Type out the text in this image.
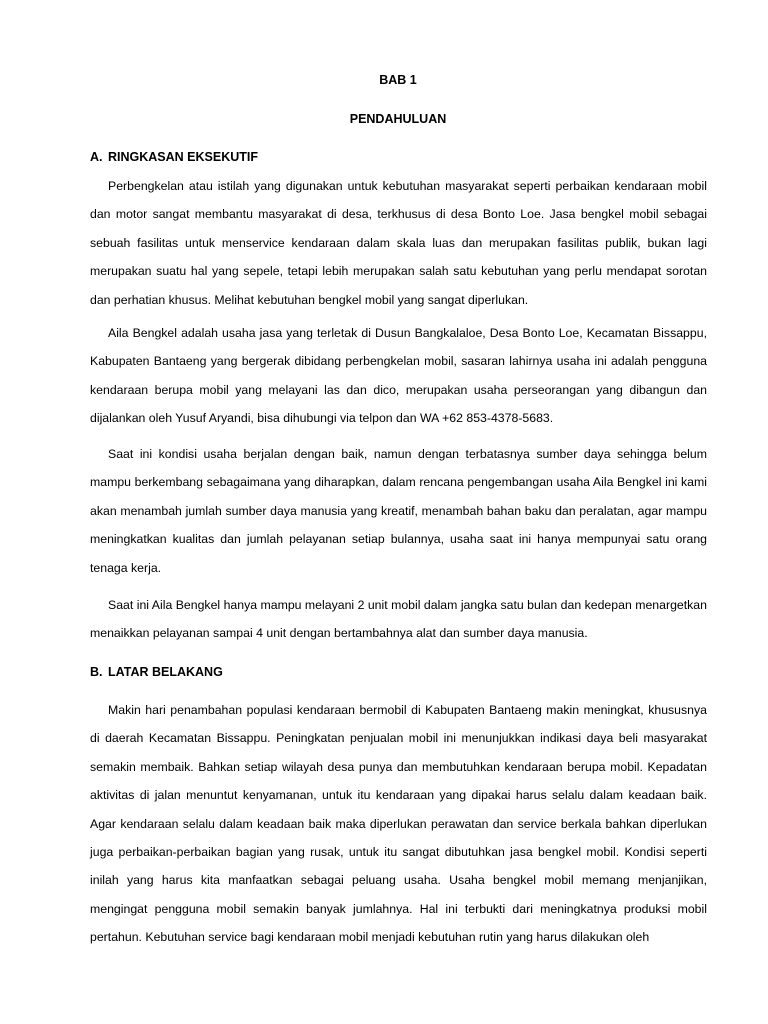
BAB 1
PENDAHULUAN
A. RINGKASAN EKSEKUTIF

Perbengkelan atau istilah yang digunakan untuk kebutuhan masyarakat seperti perbaikan kendaraan mobil dan motor sangat membantu masyarakat di desa, terkhusus di desa Bonto Loe. Jasa bengkel mobil sebagai sebuah fasilitas untuk menservice kendaraan dalam skala luas dan merupakan fasilitas publik, bukan lagi merupakan suatu hal yang sepele, tetapi lebih merupakan salah satu kebutuhan yang perlu mendapat sorotan dan perhatian khusus. Melihat kebutuhan bengkel mobil yang sangat diperlukan.

Aila Bengkel adalah usaha jasa yang terletak di Dusun Bangkalaloe, Desa Bonto Loe, Kecamatan Bissappu, Kabupaten Bantaeng yang bergerak dibidang perbengkelan mobil, sasaran lahirnya usaha ini adalah pengguna kendaraan berupa mobil yang melayani las dan dico, merupakan usaha perseorangan yang dibangun dan dijalankan oleh Yusuf Aryandi, bisa dihubungi via telpon dan WA +62 853-4378-5683.

Saat ini kondisi usaha berjalan dengan baik, namun dengan terbatasnya sumber daya sehingga belum mampu berkembang sebagaimana yang diharapkan, dalam rencana pengembangan usaha Aila Bengkel ini kami akan menambah jumlah sumber daya manusia yang kreatif, menambah bahan baku dan peralatan, agar mampu meningkatkan kualitas dan jumlah pelayanan setiap bulannya, usaha saat ini hanya mempunyai satu orang tenaga kerja.

Saat ini Aila Bengkel hanya mampu melayani 2 unit mobil dalam jangka satu bulan dan kedepan menargetkan menaikkan pelayanan sampai 4 unit dengan bertambahnya alat dan sumber daya manusia.

B. LATAR BELAKANG

Makin hari penambahan populasi kendaraan bermobil di Kabupaten Bantaeng makin meningkat, khususnya di daerah Kecamatan Bissappu. Peningkatan penjualan mobil ini menunjukkan indikasi daya beli masyarakat semakin membaik. Bahkan setiap wilayah desa punya dan membutuhkan kendaraan berupa mobil. Kepadatan aktivitas di jalan menuntut kenyamanan, untuk itu kendaraan yang dipakai harus selalu dalam keadaan baik. Agar kendaraan selalu dalam keadaan baik maka diperlukan perawatan dan service berkala bahkan diperlukan juga perbaikan-perbaikan bagian yang rusak, untuk itu sangat dibutuhkan jasa bengkel mobil. Kondisi seperti inilah yang harus kita manfaatkan sebagai peluang usaha. Usaha bengkel mobil memang menjanjikan, mengingat pengguna mobil semakin banyak jumlahnya. Hal ini terbukti dari meningkatnya produksi mobil pertahun. Kebutuhan service bagi kendaraan mobil menjadi kebutuhan rutin yang harus dilakukan oleh
